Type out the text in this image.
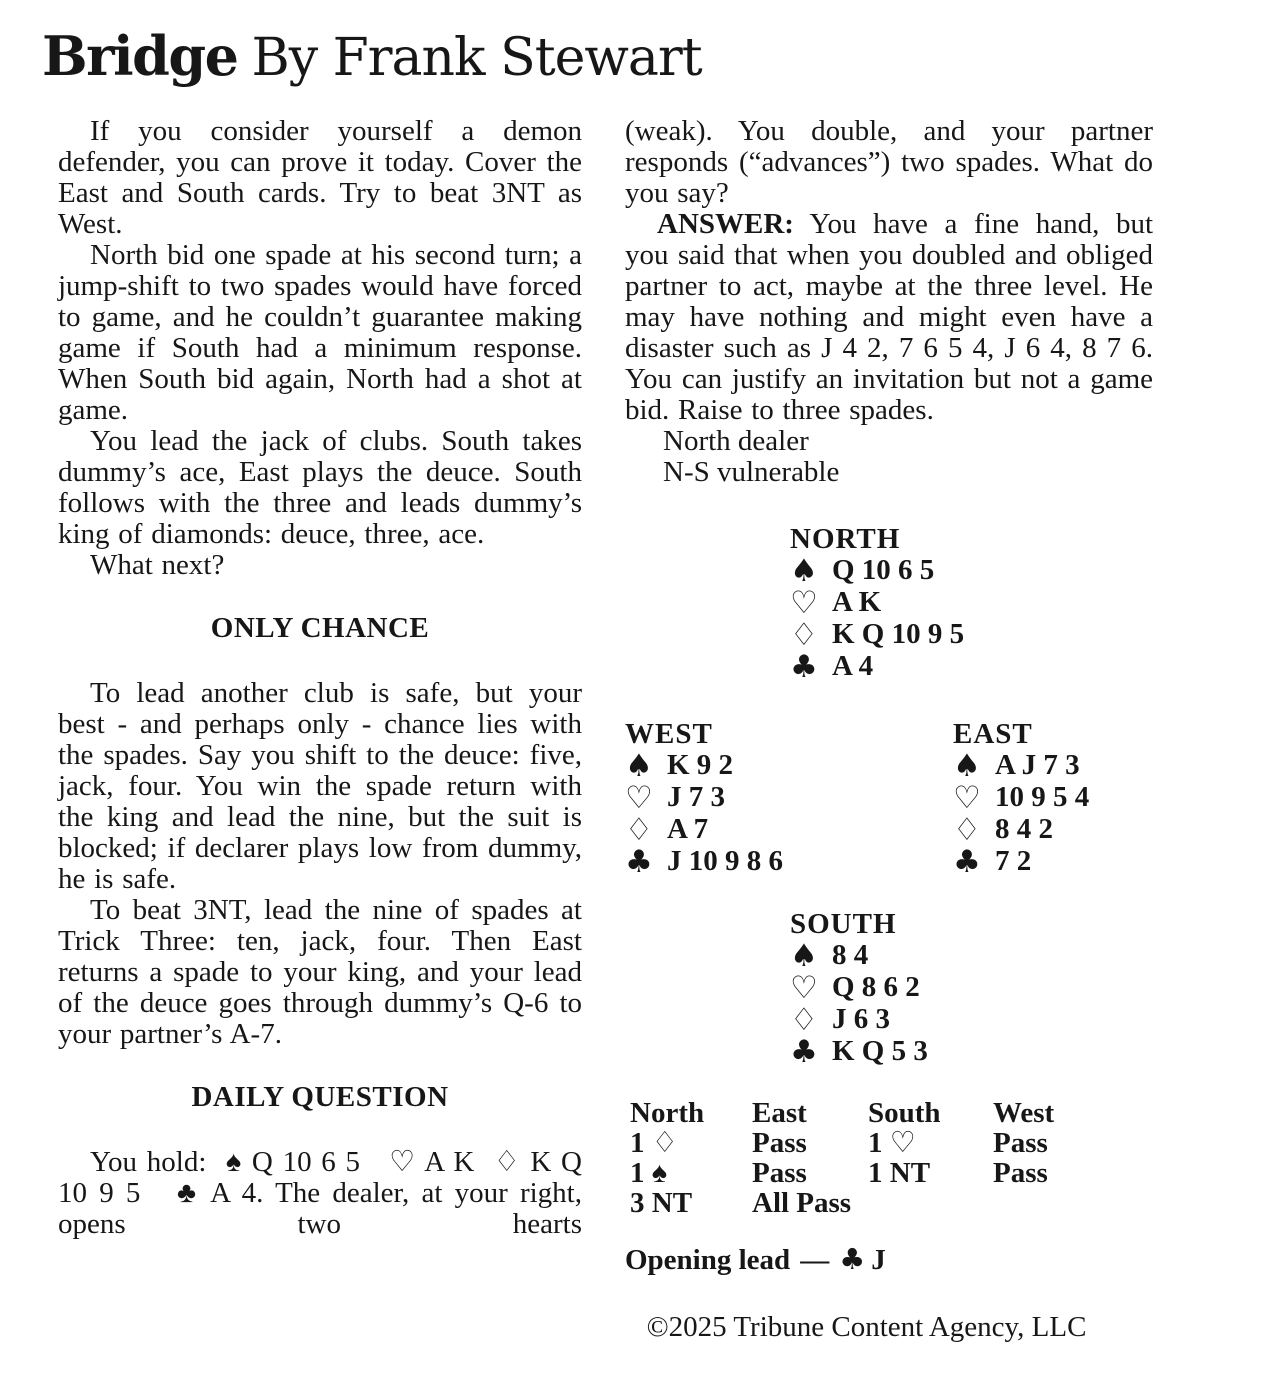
Bridge By Frank Stewart

If you consider yourself a demon defender, you can prove it today. Cover the East and South cards. Try to beat 3NT as West.

North bid one spade at his second turn; a jump-shift to two spades would have forced to game, and he couldn’t guarantee making game if South had a minimum response. When South bid again, North had a shot at game.

You lead the jack of clubs. South takes dummy’s ace, East plays the deuce. South follows with the three and leads dummy’s king of diamonds: deuce, three, ace.

What next?

ONLY CHANCE

To lead another club is safe, but your best - and perhaps only - chance lies with the spades. Say you shift to the deuce: five, jack, four. You win the spade return with the king and lead the nine, but the suit is blocked; if declarer plays low from dummy, he is safe.

To beat 3NT, lead the nine of spades at Trick Three: ten, jack, four. Then East returns a spade to your king, and your lead of the deuce goes through dummy’s Q-6 to your partner’s A-7.

DAILY QUESTION

You hold:  ♠ Q 10 6 5   ♡ A K  ♢ K Q 10 9 5   ♣ A 4. The dealer, at your right, opens two hearts

(weak). You double, and your partner responds (“advances”) two spades. What do you say?

ANSWER: You have a fine hand, but you said that when you doubled and obliged partner to act, maybe at the three level. He may have nothing and might even have a disaster such as J 4 2, 7 6 5 4, J 6 4, 8 7 6. You can justify an invitation but not a game bid. Raise to three spades.

North dealer

N-S vulnerable

NORTH
♠ Q 10 6 5
♡ A K
♢ K Q 10 9 5
♣ A 4
WEST
♠ K 9 2
♡ J 7 3
♢ A 7
♣ J 10 9 8 6
EAST
♠ A J 7 3
♡ 10 9 5 4
♢ 8 4 2
♣ 7 2
SOUTH
♠ 8 4
♡ Q 8 6 2
♢ J 6 3
♣ K Q 5 3
North	East	South	West
1 ♢	Pass	1 ♡	Pass
1 ♠	Pass	1 NT	Pass
3 NT	All Pass

Opening lead — ♣ J

©2025 Tribune Content Agency, LLC
